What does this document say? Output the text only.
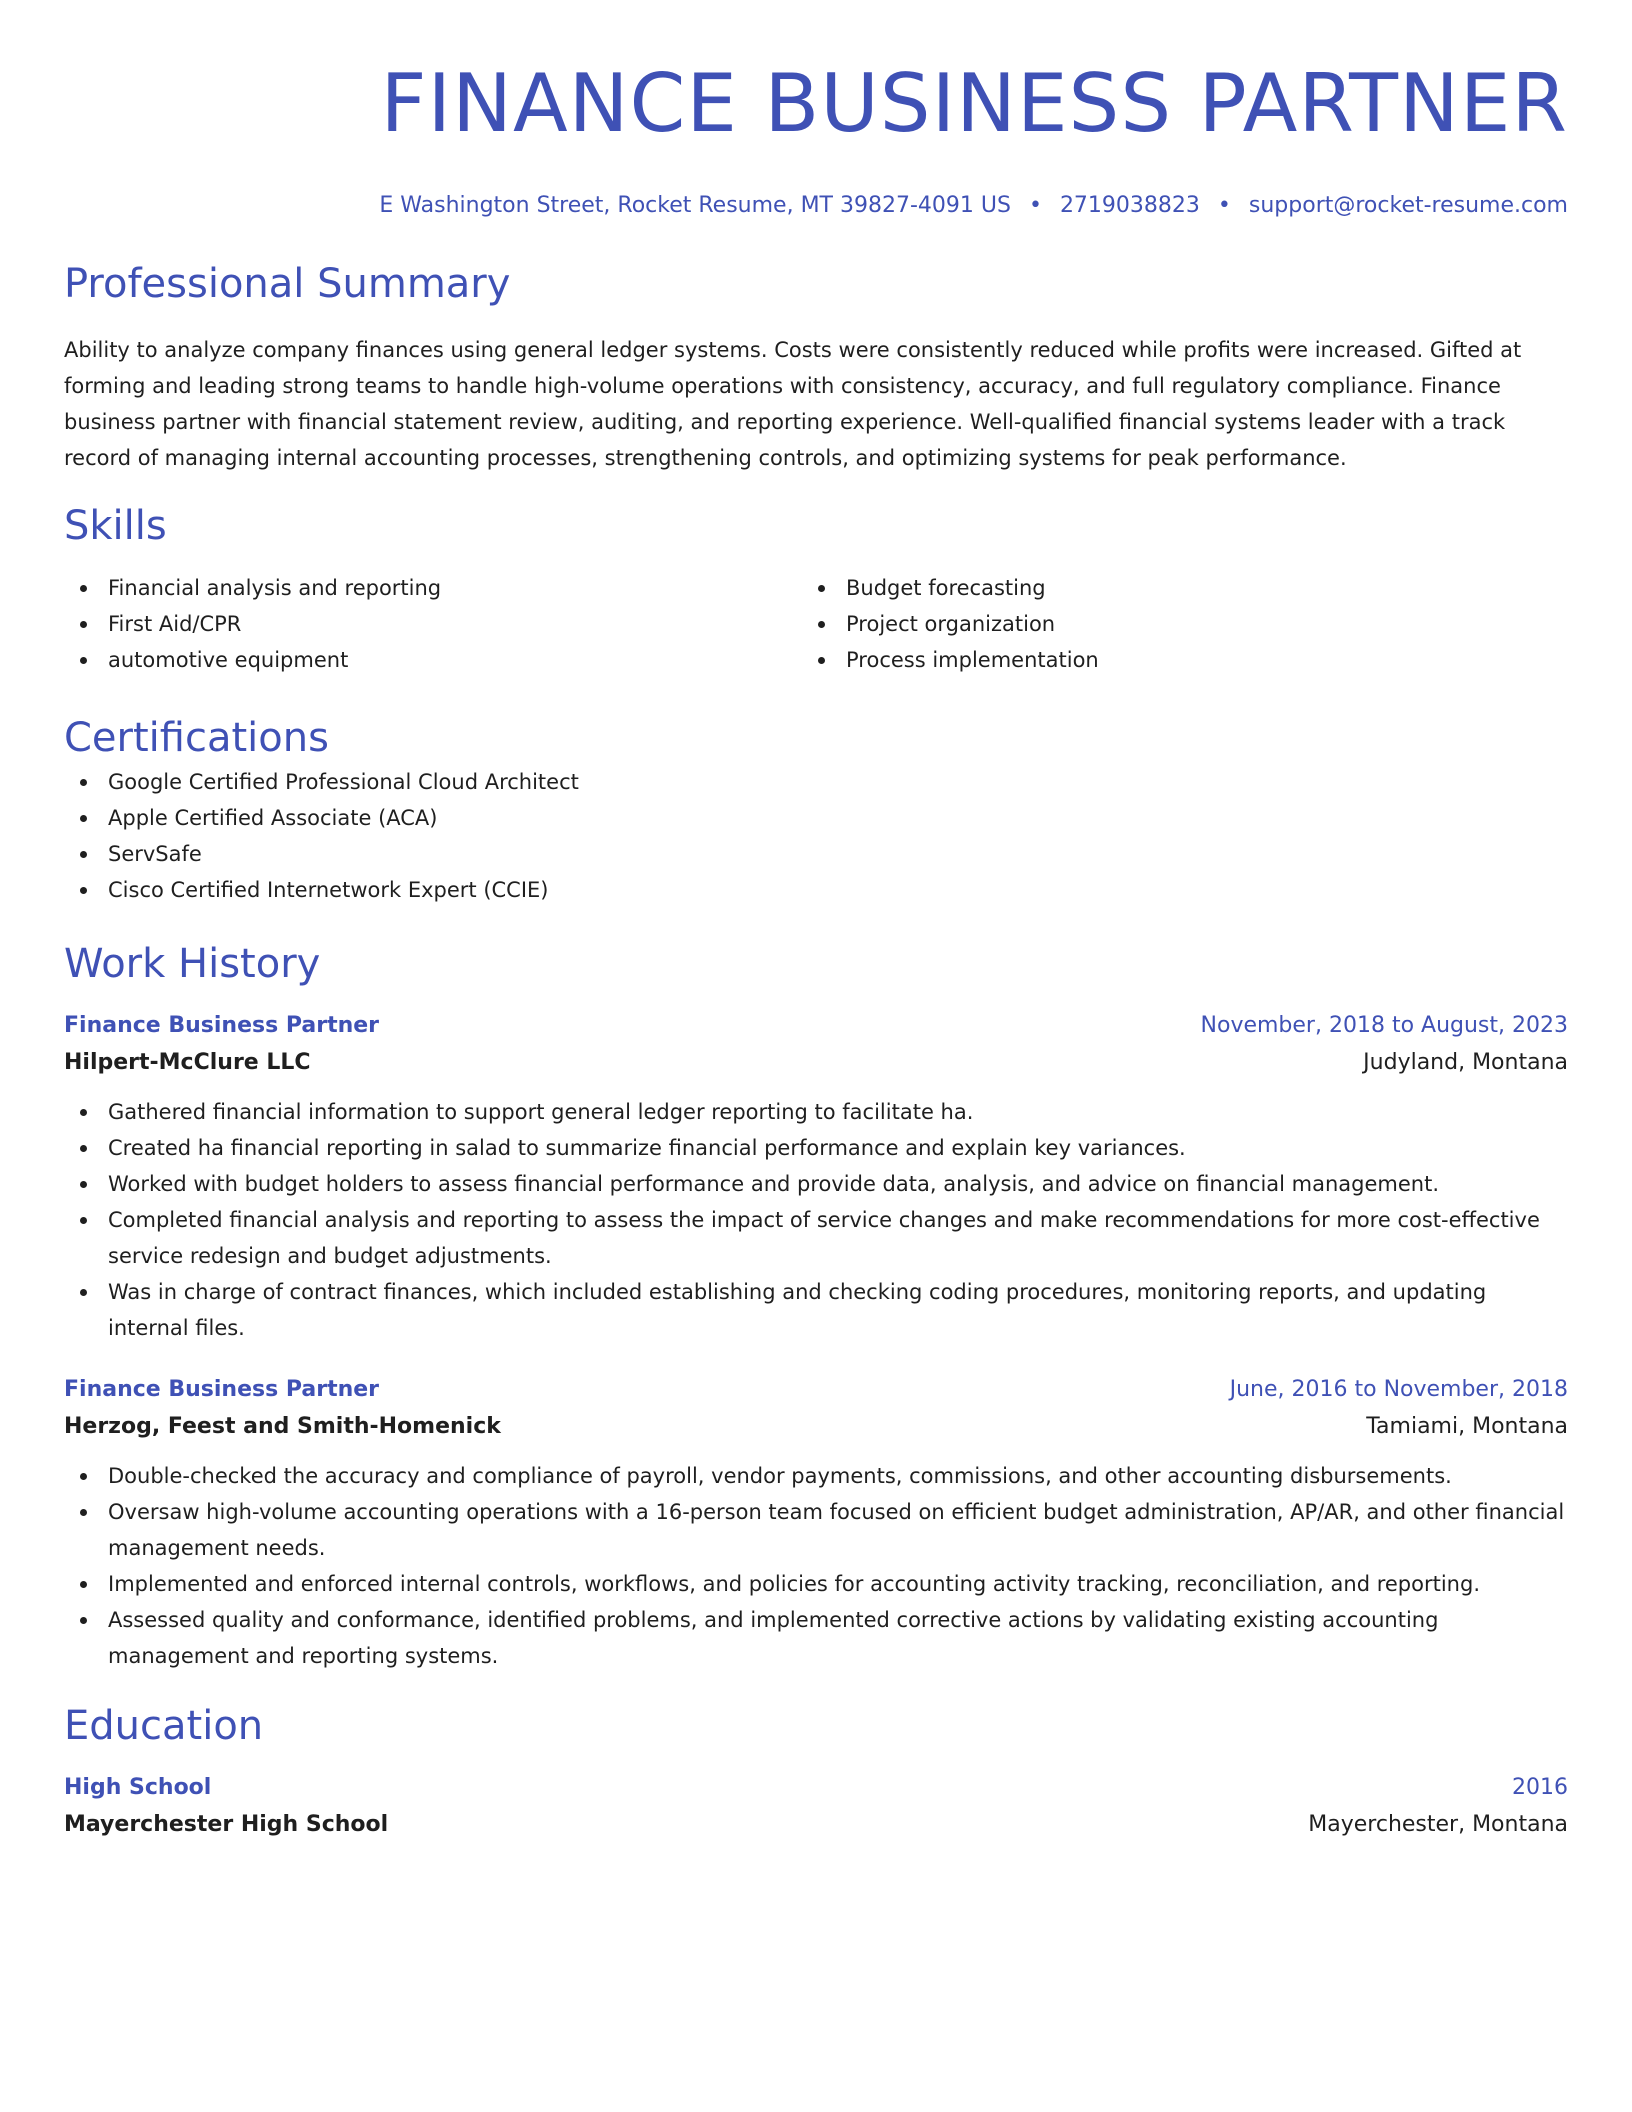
FINANCE BUSINESS PARTNER
E Washington Street, Rocket Resume, MT 39827-4091 US • 2719038823 • support@rocket-resume.com
Professional Summary

Ability to analyze company finances using general ledger systems. Costs were consistently reduced while profits were increased. Gifted at forming and leading strong teams to handle high-volume operations with consistency, accuracy, and full regulatory compliance. Finance business partner with financial statement review, auditing, and reporting experience. Well-qualified financial systems leader with a track record of managing internal accounting processes, strengthening controls, and optimizing systems for peak performance.

Skills
Financial analysis and reporting
First Aid/CPR
automotive equipment
Budget forecasting
Project organization
Process implementation
Certifications
Google Certified Professional Cloud Architect
Apple Certified Associate (ACA)
ServSafe
Cisco Certified Internetwork Expert (CCIE)
Work History
Finance Business Partner	November, 2018 to August, 2023
Hilpert-McClure LLC	Judyland, Montana
Gathered financial information to support general ledger reporting to facilitate ha.
Created ha financial reporting in salad to summarize financial performance and explain key variances.
Worked with budget holders to assess financial performance and provide data, analysis, and advice on financial management.
Completed financial analysis and reporting to assess the impact of service changes and make recommendations for more cost-effective service redesign and budget adjustments.
Was in charge of contract finances, which included establishing and checking coding procedures, monitoring reports, and updating internal files.
Finance Business Partner	June, 2016 to November, 2018
Herzog, Feest and Smith-Homenick	Tamiami, Montana
Double-checked the accuracy and compliance of payroll, vendor payments, commissions, and other accounting disbursements.
Oversaw high-volume accounting operations with a 16-person team focused on efficient budget administration, AP/AR, and other financial management needs.
Implemented and enforced internal controls, workflows, and policies for accounting activity tracking, reconciliation, and reporting.
Assessed quality and conformance, identified problems, and implemented corrective actions by validating existing accounting management and reporting systems.
Education
High School	2016
Mayerchester High School	Mayerchester, Montana
